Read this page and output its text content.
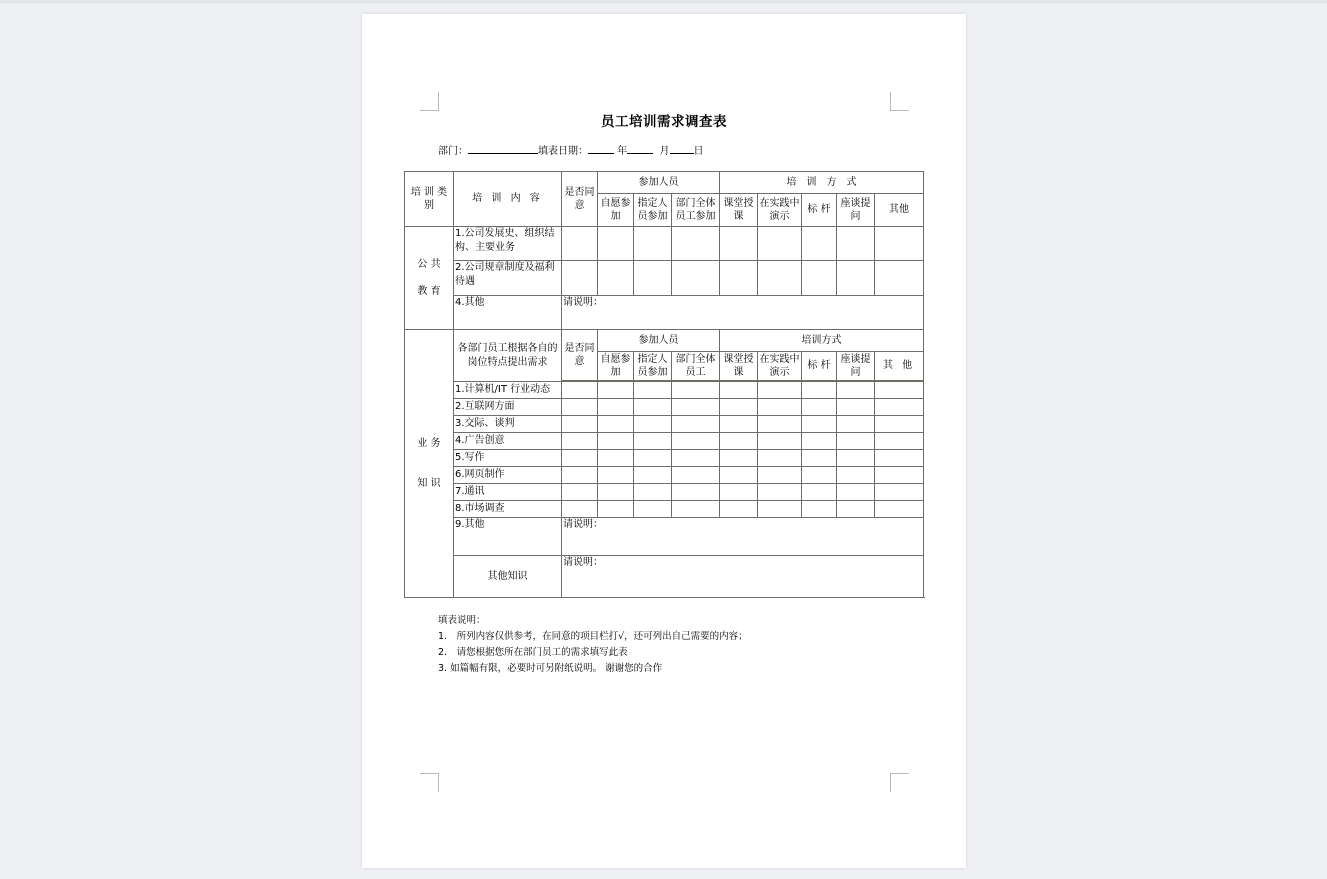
员工培训需求调查表
部门：	填表日期：	年	月 日
培 训 类 别	培 训 内 容	是否同意	参加人员			培　训　方　式				
			自愿参加	指定人员参加	部门全体员工参加	课堂授课	在实践中演示	标 杆	座谈提问	其他

公 共
教 育	1.公司发展史、组织结构、主要业务									
	2.公司规章制度及福利待遇									
	4.其他	请说明：								

业 务
知 识	各部门员工根据各自的岗位特点提出需求	是否同意	参加人员			培训方式				
			自愿参加	指定人员参加	部门全体员工	课堂授课	在实践中演示	标 杆	座谈提问	其 他

	1.计算机/IT 行业动态									
	2.互联网方面									
	3.交际、谈判									
	4.广告创意									
	5.写作									
	6.网页制作									
	7.通讯									
	8.市场调查									
	9.其他	请说明：								
	其他知识	请说明：								
填表说明：
1.　所列内容仅供参考，在同意的项目栏打√，还可列出自己需要的内容；
2.　请您根据您所在部门员工的需求填写此表
3. 如篇幅有限，必要时可另附纸说明。 谢谢您的合作
